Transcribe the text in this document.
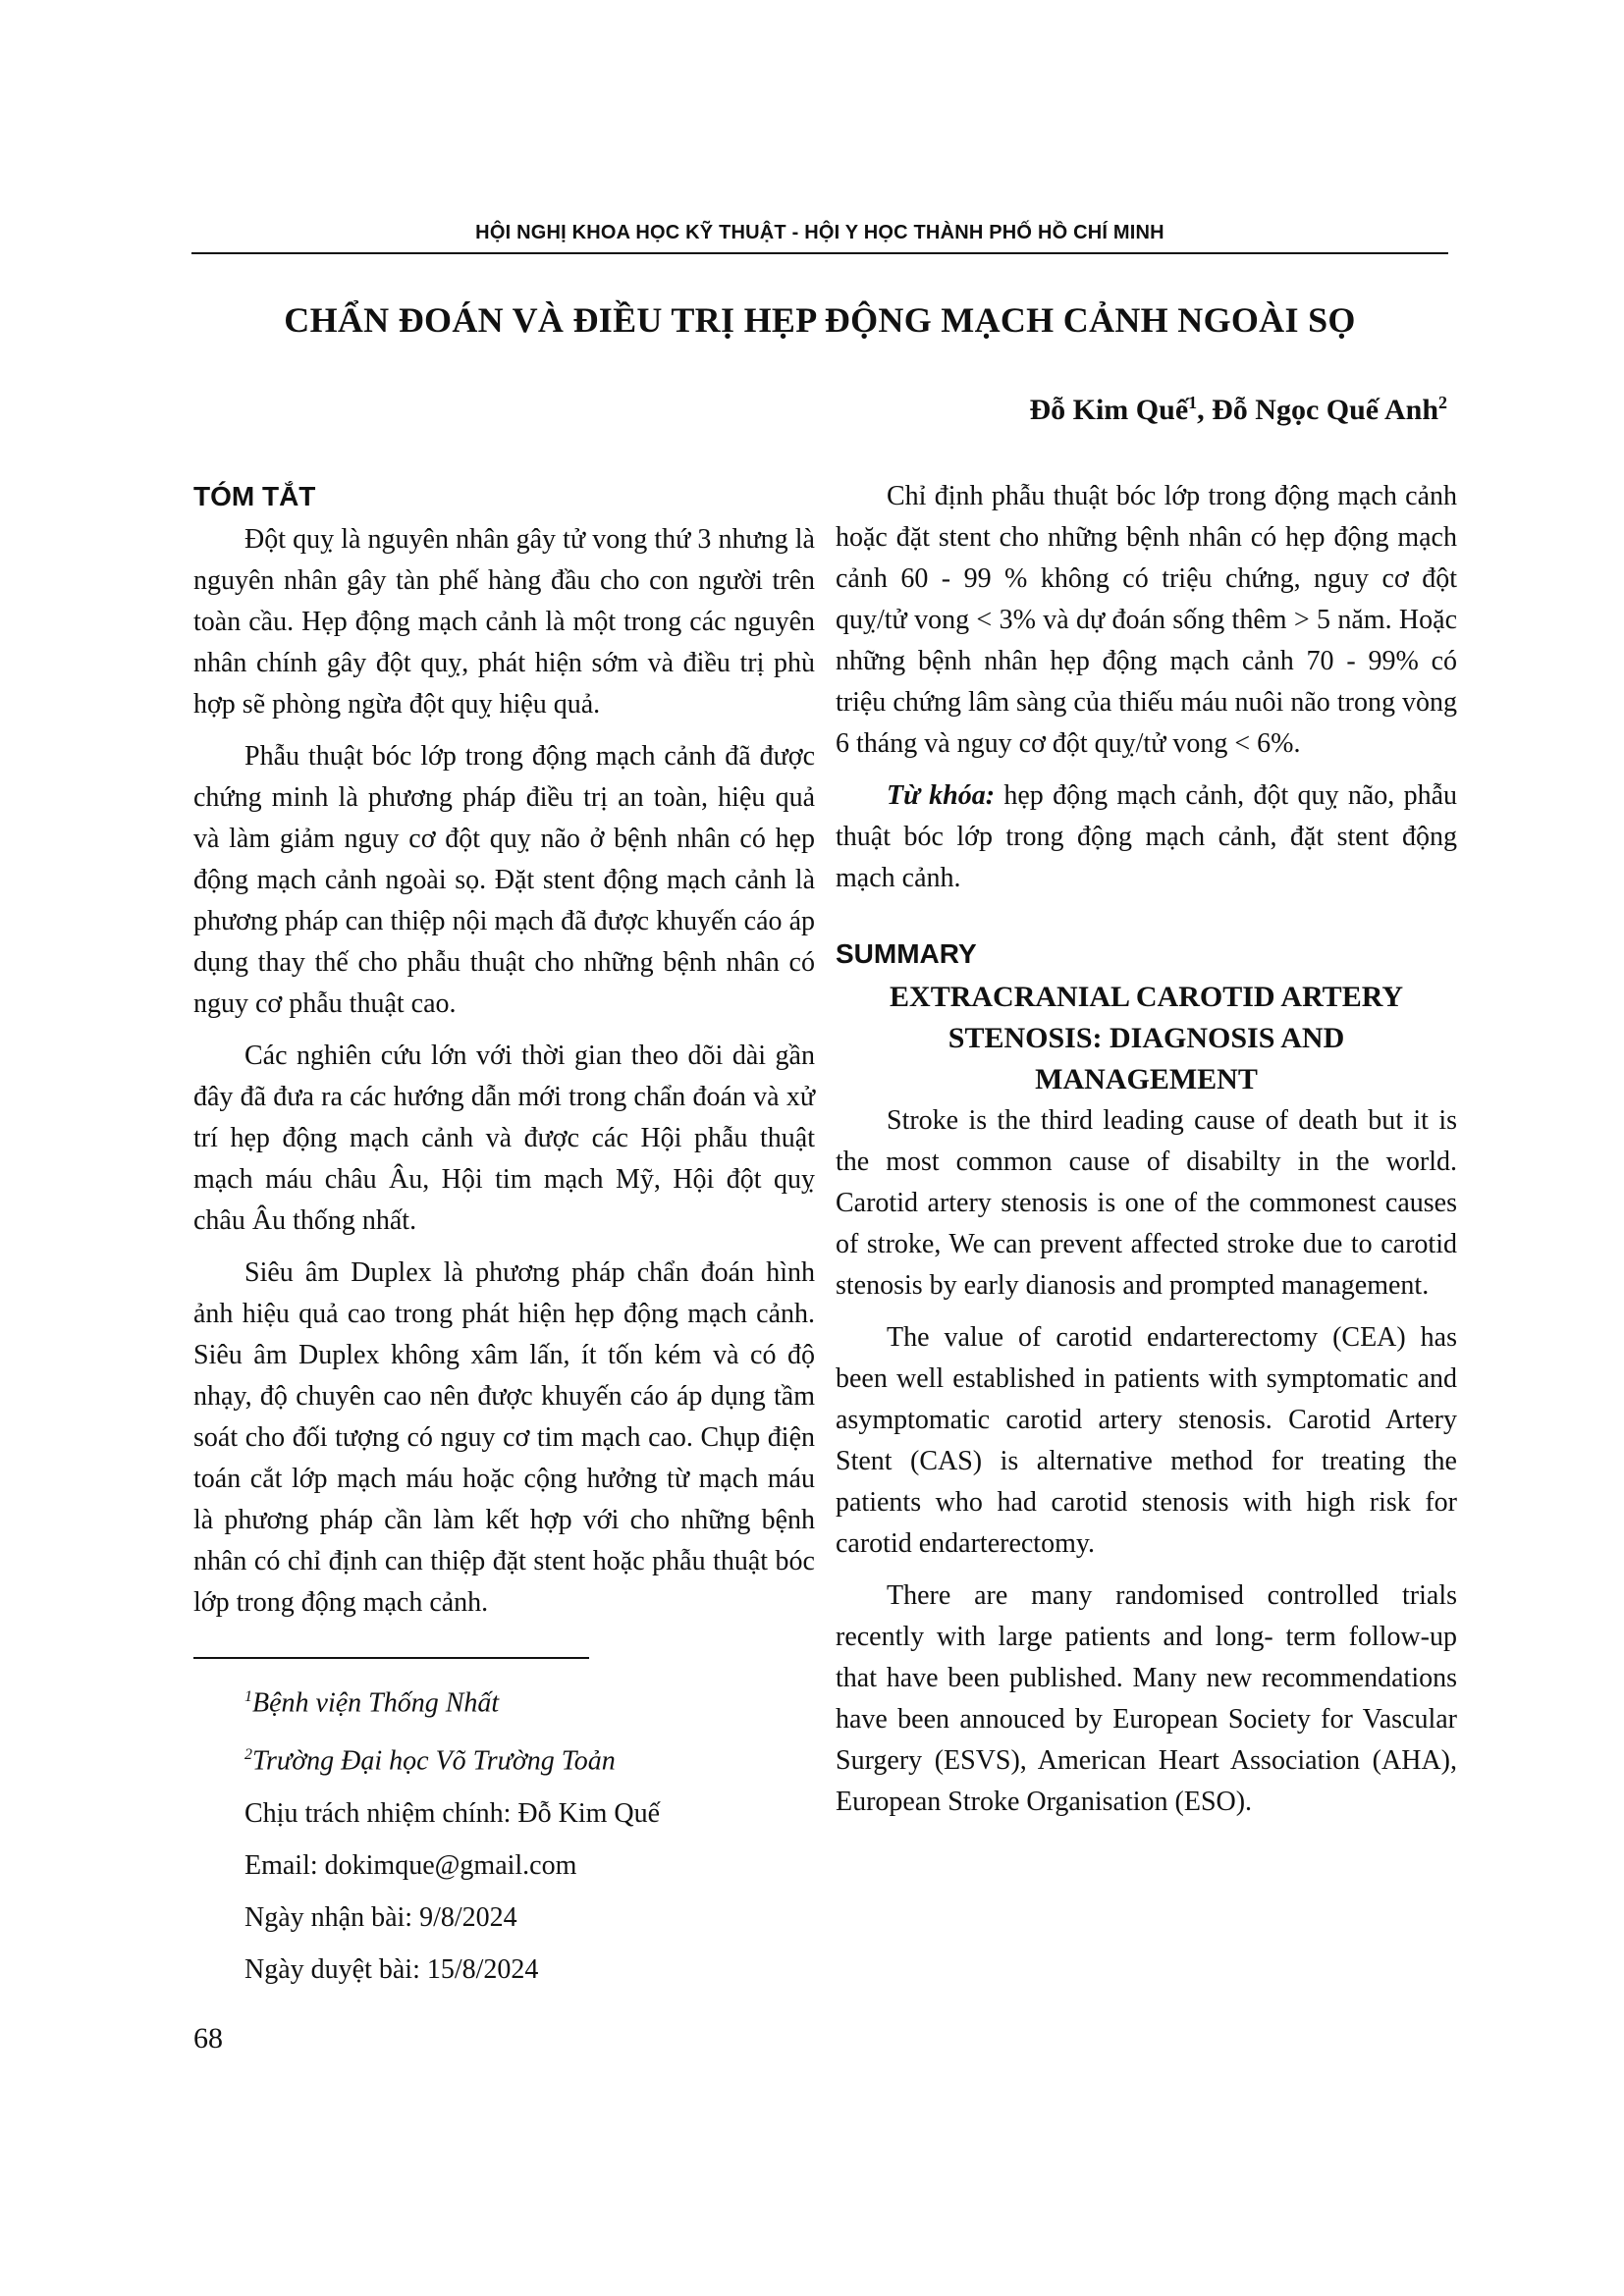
HỘI NGHỊ KHOA HỌC KỸ THUẬT - HỘI Y HỌC THÀNH PHỐ HỒ CHÍ MINH
CHẨN ĐOÁN VÀ ĐIỀU TRỊ HẸP ĐỘNG MẠCH CẢNH NGOÀI SỌ
Đỗ Kim Quế$^1$, Đỗ Ngọc Quế Anh$^2$
TÓM TẮT

Đột quỵ là nguyên nhân gây tử vong thứ 3 nhưng là nguyên nhân gây tàn phế hàng đầu cho con người trên toàn cầu. Hẹp động mạch cảnh là một trong các nguyên nhân chính gây đột quỵ, phát hiện sớm và điều trị phù hợp sẽ phòng ngừa đột quỵ hiệu quả.

Phẫu thuật bóc lớp trong động mạch cảnh đã được chứng minh là phương pháp điều trị an toàn, hiệu quả và làm giảm nguy cơ đột quỵ não ở bệnh nhân có hẹp động mạch cảnh ngoài sọ. Đặt stent động mạch cảnh là phương pháp can thiệp nội mạch đã được khuyến cáo áp dụng thay thế cho phẫu thuật cho những bệnh nhân có nguy cơ phẫu thuật cao.

Các nghiên cứu lớn với thời gian theo dõi dài gần đây đã đưa ra các hướng dẫn mới trong chẩn đoán và xử trí hẹp động mạch cảnh và được các Hội phẫu thuật mạch máu châu Âu, Hội tim mạch Mỹ, Hội đột quỵ châu Âu thống nhất.

Siêu âm Duplex là phương pháp chẩn đoán hình ảnh hiệu quả cao trong phát hiện hẹp động mạch cảnh. Siêu âm Duplex không xâm lấn, ít tốn kém và có độ nhạy, độ chuyên cao nên được khuyến cáo áp dụng tầm soát cho đối tượng có nguy cơ tim mạch cao. Chụp điện toán cắt lớp mạch máu hoặc cộng hưởng từ mạch máu là phương pháp cần làm kết hợp với cho những bệnh nhân có chỉ định can thiệp đặt stent hoặc phẫu thuật bóc lớp trong động mạch cảnh.

$^1$Bệnh viện Thống Nhất

$^2$Trường Đại học Võ Trường Toản

Chịu trách nhiệm chính: Đỗ Kim Quế

Email: dokimque@gmail.com

Ngày nhận bài: 9/8/2024

Ngày duyệt bài: 15/8/2024

68

Chỉ định phẫu thuật bóc lớp trong động mạch cảnh hoặc đặt stent cho những bệnh nhân có hẹp động mạch cảnh 60 - 99 % không có triệu chứng, nguy cơ đột quỵ/tử vong < 3% và dự đoán sống thêm > 5 năm. Hoặc những bệnh nhân hẹp động mạch cảnh 70 - 99% có triệu chứng lâm sàng của thiếu máu nuôi não trong vòng 6 tháng và nguy cơ đột quỵ/tử vong < 6%.

Từ khóa: hẹp động mạch cảnh, đột quỵ não, phẫu thuật bóc lớp trong động mạch cảnh, đặt stent động mạch cảnh.

SUMMARY
EXTRACRANIAL CAROTID ARTERY
STENOSIS: DIAGNOSIS AND
MANAGEMENT

Stroke is the third leading cause of death but it is the most common cause of disabilty in the world. Carotid artery stenosis is one of the commonest causes of stroke, We can prevent affected stroke due to carotid stenosis by early dianosis and prompted management.

The value of carotid endarterectomy (CEA) has been well established in patients with symptomatic and asymptomatic carotid artery stenosis. Carotid Artery Stent (CAS) is alternative method for treating the patients who had carotid stenosis with high risk for carotid endarterectomy.

There are many randomised controlled trials recently with large patients and long- term follow-up that have been published. Many new recommendations have been annouced by European Society for Vascular Surgery (ESVS), American Heart Association (AHA), European Stroke Organisation (ESO).
